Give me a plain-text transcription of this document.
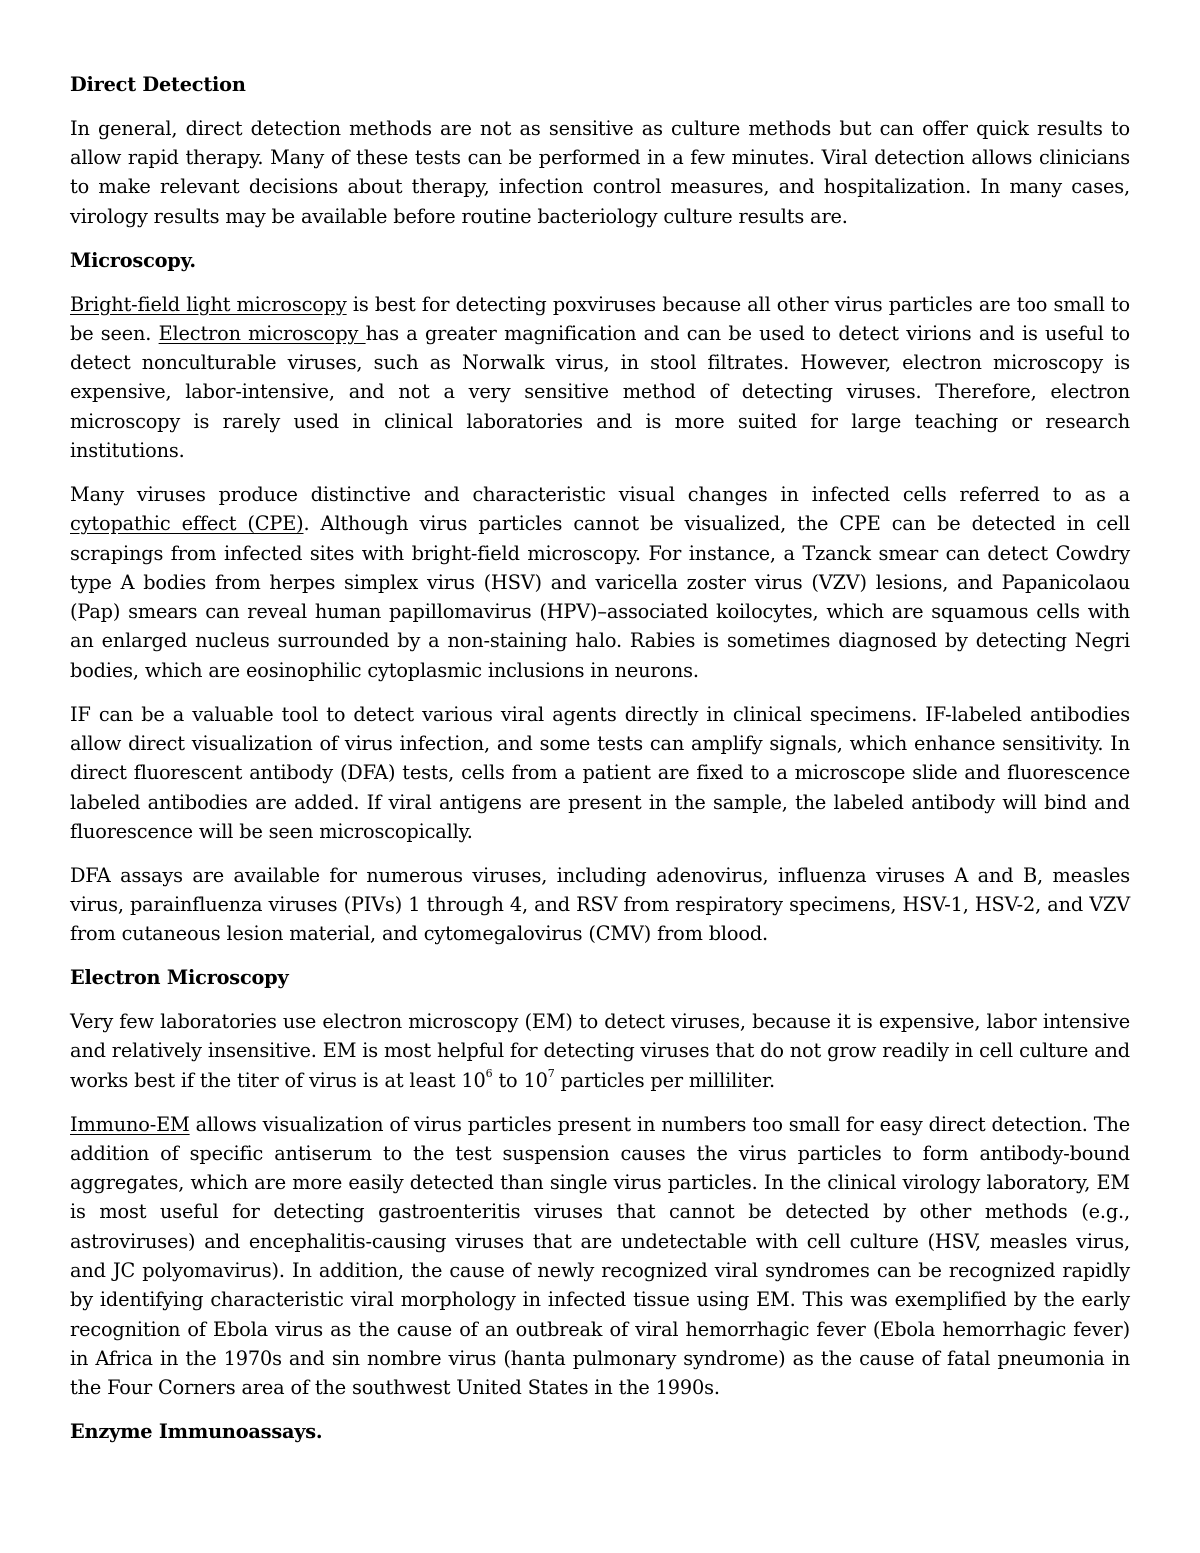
Direct Detection

In general, direct detection methods are not as sensitive as culture methods but can offer quick results to allow rapid therapy. Many of these tests can be performed in a few minutes. Viral detection allows clinicians to make relevant decisions about therapy, infection control measures, and hospitalization. In many cases, virology results may be available before routine bacteriology culture results are.

Microscopy.

Bright-field light microscopy is best for detecting poxviruses because all other virus particles are too small to be seen. Electron microscopy has a greater magnification and can be used to detect virions and is useful to detect nonculturable viruses, such as Norwalk virus, in stool filtrates. However, electron microscopy is expensive, labor-intensive, and not a very sensitive method of detecting viruses. Therefore, electron microscopy is rarely used in clinical laboratories and is more suited for large teaching or research institutions.

Many viruses produce distinctive and characteristic visual changes in infected cells referred to as a cytopathic effect (CPE). Although virus particles cannot be visualized, the CPE can be detected in cell scrapings from infected sites with bright-field microscopy. For instance, a Tzanck smear can detect Cowdry type A bodies from herpes simplex virus (HSV) and varicella zoster virus (VZV) lesions, and Papanicolaou (Pap) smears can reveal human papillomavirus (HPV)–associated koilocytes, which are squamous cells with an enlarged nucleus surrounded by a non-staining halo. Rabies is sometimes diagnosed by detecting Negri bodies, which are eosinophilic cytoplasmic inclusions in neurons.

IF can be a valuable tool to detect various viral agents directly in clinical specimens. IF-labeled antibodies allow direct visualization of virus infection, and some tests can amplify signals, which enhance sensitivity. In direct fluorescent antibody (DFA) tests, cells from a patient are fixed to a microscope slide and fluorescence labeled antibodies are added. If viral antigens are present in the sample, the labeled antibody will bind and fluorescence will be seen microscopically.

DFA assays are available for numerous viruses, including adenovirus, influenza viruses A and B, measles virus, parainfluenza viruses (PIVs) 1 through 4, and RSV from respiratory specimens, HSV-1, HSV-2, and VZV from cutaneous lesion material, and cytomegalovirus (CMV) from blood.

Electron Microscopy

Very few laboratories use electron microscopy (EM) to detect viruses, because it is expensive, labor intensive and relatively insensitive. EM is most helpful for detecting viruses that do not grow readily in cell culture and works best if the titer of virus is at least $10^6$ to $10^7$ particles per milliliter.

Immuno-EM allows visualization of virus particles present in numbers too small for easy direct detection. The addition of specific antiserum to the test suspension causes the virus particles to form antibody-bound aggregates, which are more easily detected than single virus particles. In the clinical virology laboratory, EM is most useful for detecting gastroenteritis viruses that cannot be detected by other methods (e.g., astroviruses) and encephalitis-causing viruses that are undetectable with cell culture (HSV, measles virus, and JC polyomavirus). In addition, the cause of newly recognized viral syndromes can be recognized rapidly by identifying characteristic viral morphology in infected tissue using EM. This was exemplified by the early recognition of Ebola virus as the cause of an outbreak of viral hemorrhagic fever (Ebola hemorrhagic fever) in Africa in the 1970s and sin nombre virus (hanta pulmonary syndrome) as the cause of fatal pneumonia in the Four Corners area of the southwest United States in the 1990s.

Enzyme Immunoassays.
